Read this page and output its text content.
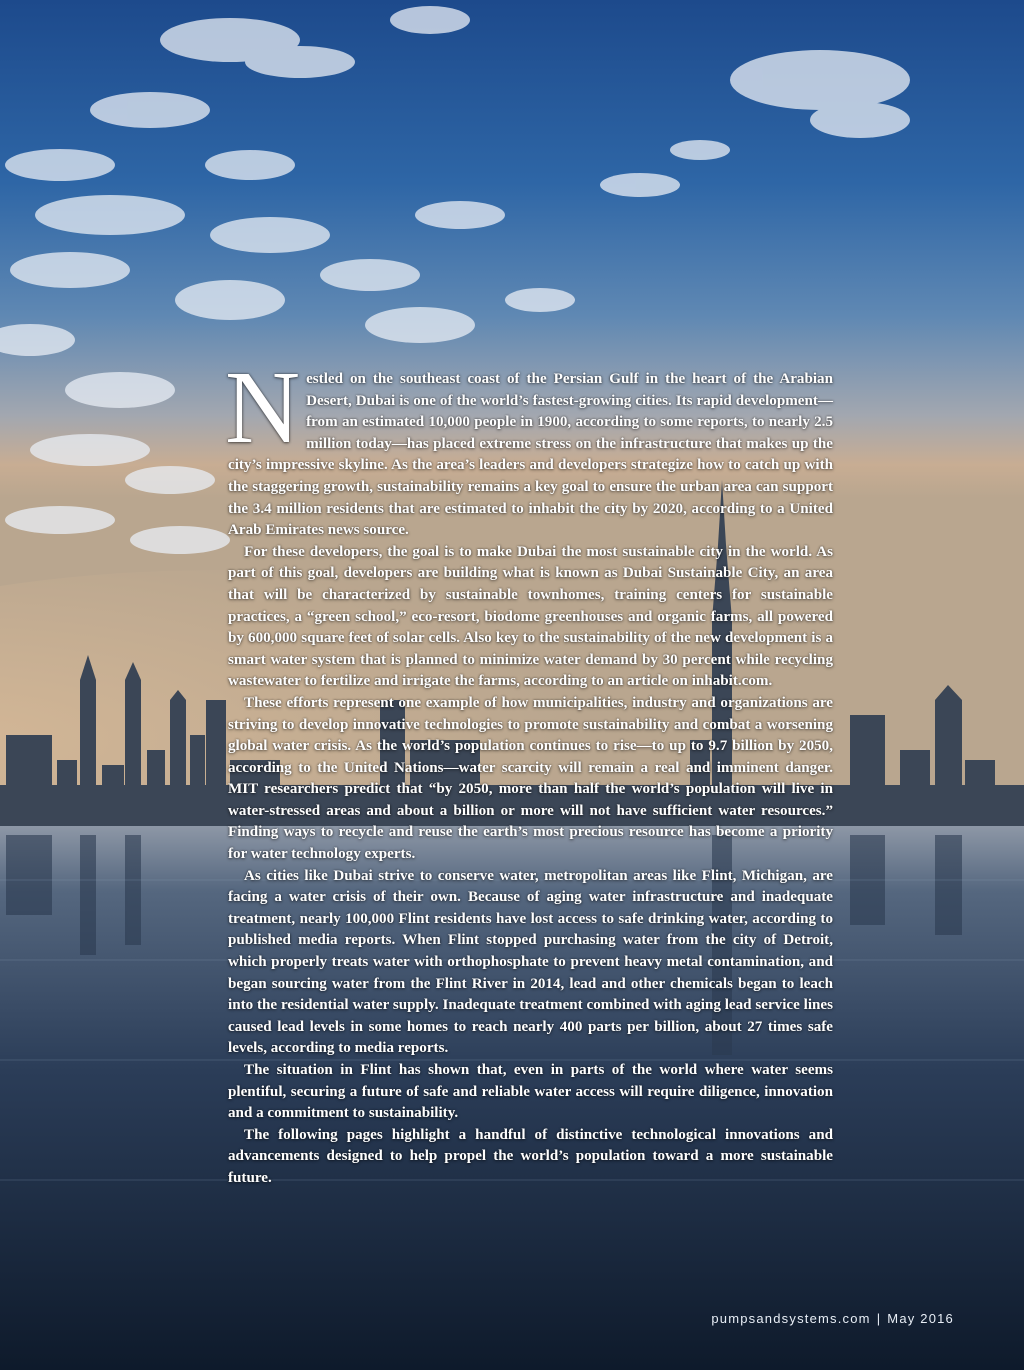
Nestled on the southeast coast of the Persian Gulf in the heart of the Arabian Desert, Dubai is one of the world’s fastest-growing cities. Its rapid development—from an estimated 10,000 people in 1900, according to some reports, to nearly 2.5 million today—has placed extreme stress on the infrastructure that makes up the city’s impressive skyline. As the area’s leaders and developers strategize how to catch up with the staggering growth, sustainability remains a key goal to ensure the urban area can support the 3.4 million residents that are estimated to inhabit the city by 2020, according to a United Arab Emirates news source.

For these developers, the goal is to make Dubai the most sustainable city in the world. As part of this goal, developers are building what is known as Dubai Sustainable City, an area that will be characterized by sustainable townhomes, training centers for sustainable practices, a “green school,” eco-resort, biodome greenhouses and organic farms, all powered by 600,000 square feet of solar cells. Also key to the sustainability of the new development is a smart water system that is planned to minimize water demand by 30 percent while recycling wastewater to fertilize and irrigate the farms, according to an article on inhabit.com.

These efforts represent one example of how municipalities, industry and organizations are striving to develop innovative technologies to promote sustainability and combat a worsening global water crisis. As the world’s population continues to rise—to up to 9.7 billion by 2050, according to the United Nations—water scarcity will remain a real and imminent danger. MIT researchers predict that “by 2050, more than half the world’s population will live in water-stressed areas and about a billion or more will not have sufficient water resources.” Finding ways to recycle and reuse the earth’s most precious resource has become a priority for water technology experts.

As cities like Dubai strive to conserve water, metropolitan areas like Flint, Michigan, are facing a water crisis of their own. Because of aging water infrastructure and inadequate treatment, nearly 100,000 Flint residents have lost access to safe drinking water, according to published media reports. When Flint stopped purchasing water from the city of Detroit, which properly treats water with orthophosphate to prevent heavy metal contamination, and began sourcing water from the Flint River in 2014, lead and other chemicals began to leach into the residential water supply. Inadequate treatment combined with aging lead service lines caused lead levels in some homes to reach nearly 400 parts per billion, about 27 times safe levels, according to media reports.

The situation in Flint has shown that, even in parts of the world where water seems plentiful, securing a future of safe and reliable water access will require diligence, innovation and a commitment to sustainability.

The following pages highlight a handful of distinctive technological innovations and advancements designed to help propel the world’s population toward a more sustainable future.

pumpsandsystems.com | May 2016
